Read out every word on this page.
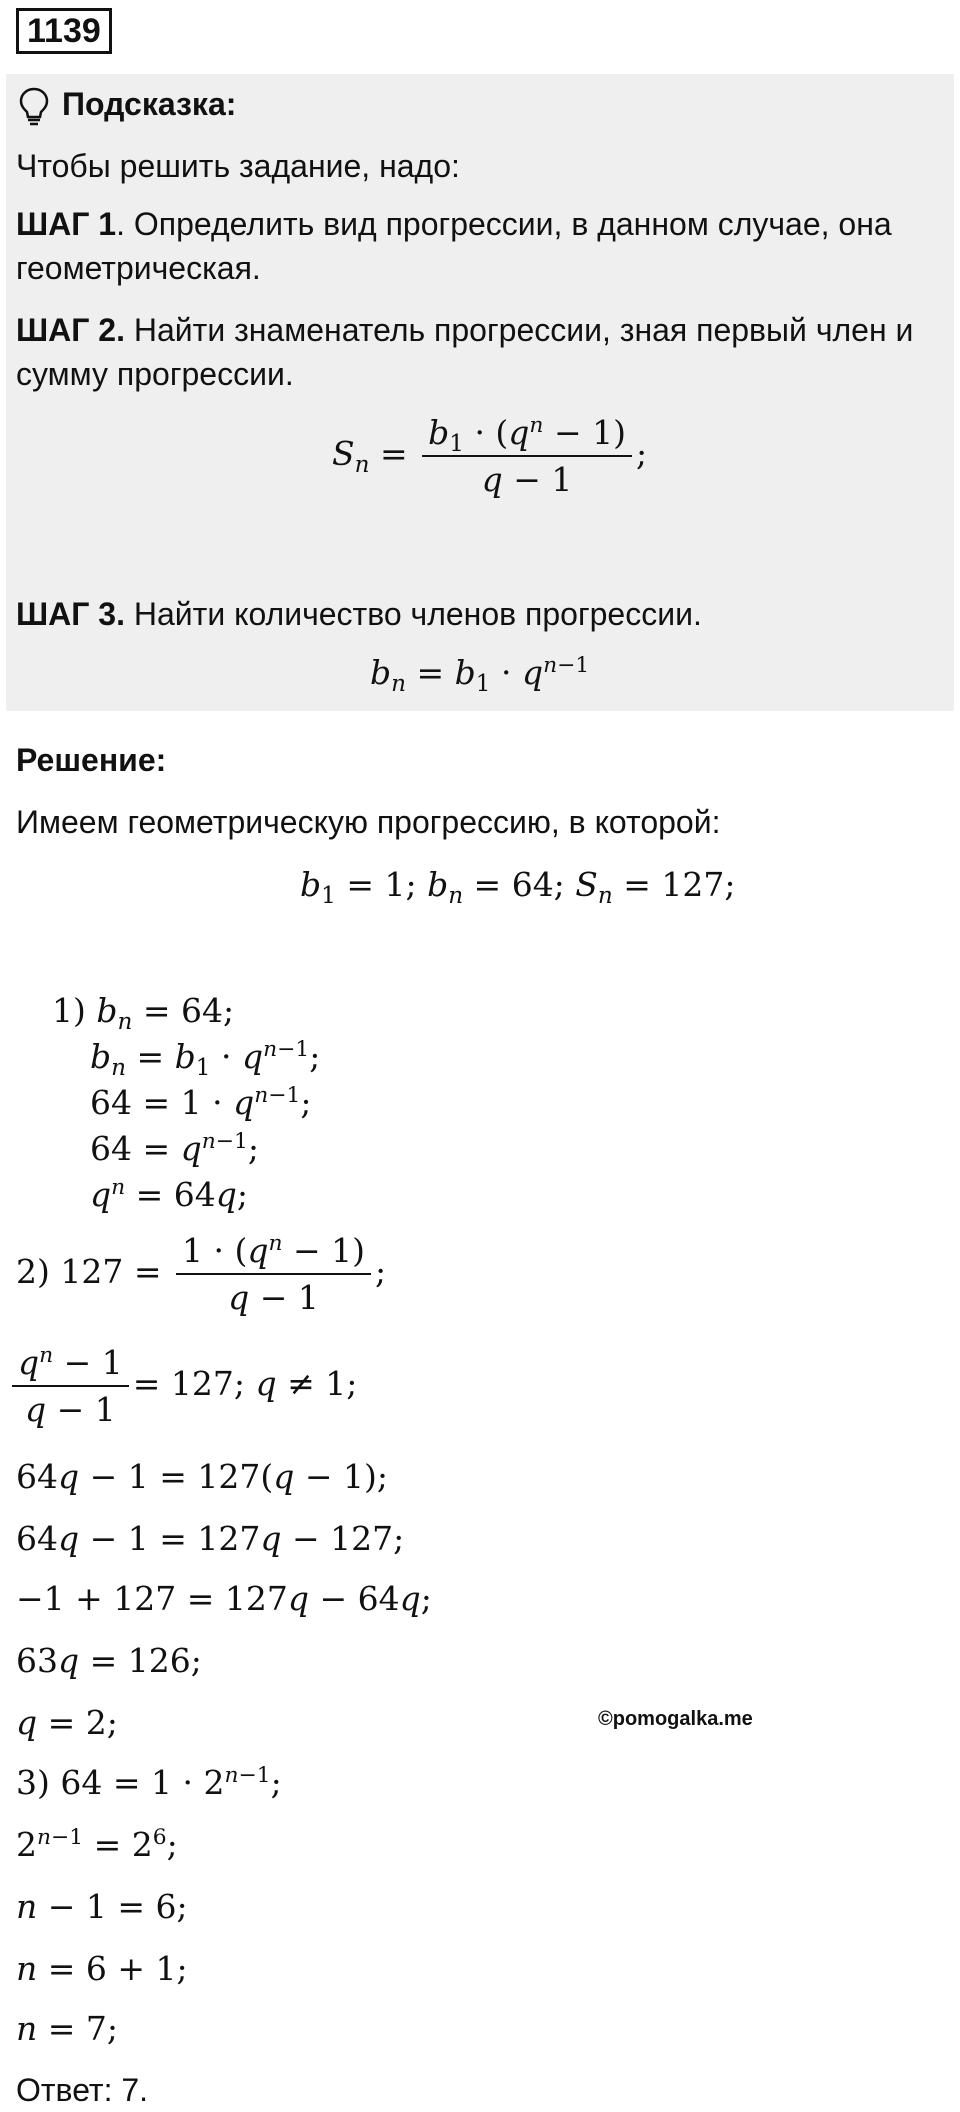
1139
Подсказка:
Чтобы решить задание, надо:
ШАГ 1. Определить вид прогрессии, в данном случае, она геометрическая.
ШАГ 2. Найти знаменатель прогрессии, зная первый член и сумму прогрессии.
$S_n = \frac{b_1 \cdot (q^n - 1)}{q - 1}$ ;
ШАГ 3. Найти количество членов прогрессии.
$b_n = b_1 \cdot q^{n-1}$
Решение:
Имеем геометрическую прогрессию, в которой:
$b_1 = 1$; $b_n = 64$; $S_n = 127$;
1) $b_n = 64$;
$b_n = b_1 \cdot q^{n-1}$;
$64 = 1 \cdot q^{n-1}$;
$64 = q^{n-1}$;
$q^n = 64q$;
2) $127 = \frac{1 \cdot (q^n - 1)}{q - 1}$ ;
$\frac{q^n - 1}{q - 1} = 127$; q ≠ 1;
64q − 1 = 127(q − 1);
64q − 1 = 127q − 127;
−1 + 127 = 127q − 64q;
63q = 126;
q = 2;	©pomogalka.me
3) $64 = 1 \cdot 2^{n-1}$;
$2^{n-1} = 2^6$;
n − 1 = 6;
n = 6 + 1;
n = 7;
Ответ: 7.
